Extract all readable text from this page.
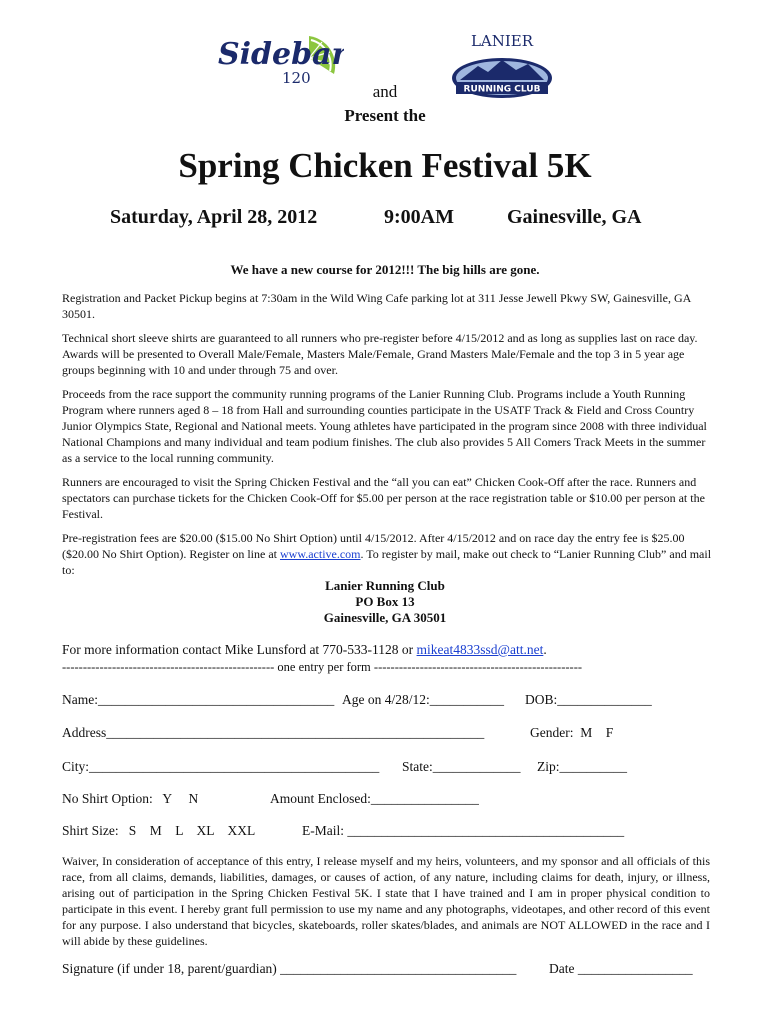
Sidebar
120
LANIER
RUNNING CLUB
and
Present the
Spring Chicken Festival 5K
Saturday, April 28, 2012	9:00AM	Gainesville, GA
We have a new course for 2012!!! The big hills are gone.

Registration and Packet Pickup begins at 7:30am in the Wild Wing Cafe parking lot at 311 Jesse Jewell Pkwy SW, Gainesville, GA 30501.

Technical short sleeve shirts are guaranteed to all runners who pre-register before 4/15/2012 and as long as supplies last on race day. Awards will be presented to Overall Male/Female, Masters Male/Female, Grand Masters Male/Female and the top 3 in 5 year age groups beginning with 10 and under through 75 and over.

Proceeds from the race support the community running programs of the Lanier Running Club. Programs include a Youth Running Program where runners aged 8 – 18 from Hall and surrounding counties participate in the USATF Track & Field and Cross Country Junior Olympics State, Regional and National meets. Young athletes have participated in the program since 2008 with three individual National Champions and many individual and team podium finishes. The club also provides 5 All Comers Track Meets in the summer as a service to the local running community.

Runners are encouraged to visit the Spring Chicken Festival and the “all you can eat” Chicken Cook-Off after the race. Runners and spectators can purchase tickets for the Chicken Cook-Off for $5.00 per person at the race registration table or $10.00 per person at the Festival.

Pre-registration fees are $20.00 ($15.00 No Shirt Option) until 4/15/2012. After 4/15/2012 and on race day the entry fee is $25.00 ($20.00 No Shirt Option). Register on line at www.active.com. To register by mail, make out check to “Lanier Running Club” and mail to:

Lanier Running Club
PO Box 13
Gainesville, GA 30501
For more information contact Mike Lunsford at 770-533-1128 or mikeat4833ssd@att.net.
--------------------------------------------------- one entry per form --------------------------------------------------
Name:___________________________________ Age on 4/28/12:___________ DOB:______________
Address________________________________________________________	Gender:  M    F
City:___________________________________________ State:_____________ Zip:__________
No Shirt Option:   Y     N	Amount Enclosed:________________
Shirt Size:   S    M    L    XL    XXL	E-Mail: _________________________________________

Waiver, In consideration of acceptance of this entry, I release myself and my heirs, volunteers, and my sponsor and all officials of this race, from all claims, demands, liabilities, damages, or causes of action, of any nature, including claims for death, injury, or illness, arising out of participation in the Spring Chicken Festival 5K. I state that I have trained and I am in proper physical condition to participate in this event. I hereby grant full permission to use my name and any photographs, videotapes, and other record of this event for any purpose. I also understand that bicycles, skateboards, roller skates/blades, and animals are NOT ALLOWED in the race and I will abide by these guidelines.

Signature (if under 18, parent/guardian) ___________________________________ Date _________________
